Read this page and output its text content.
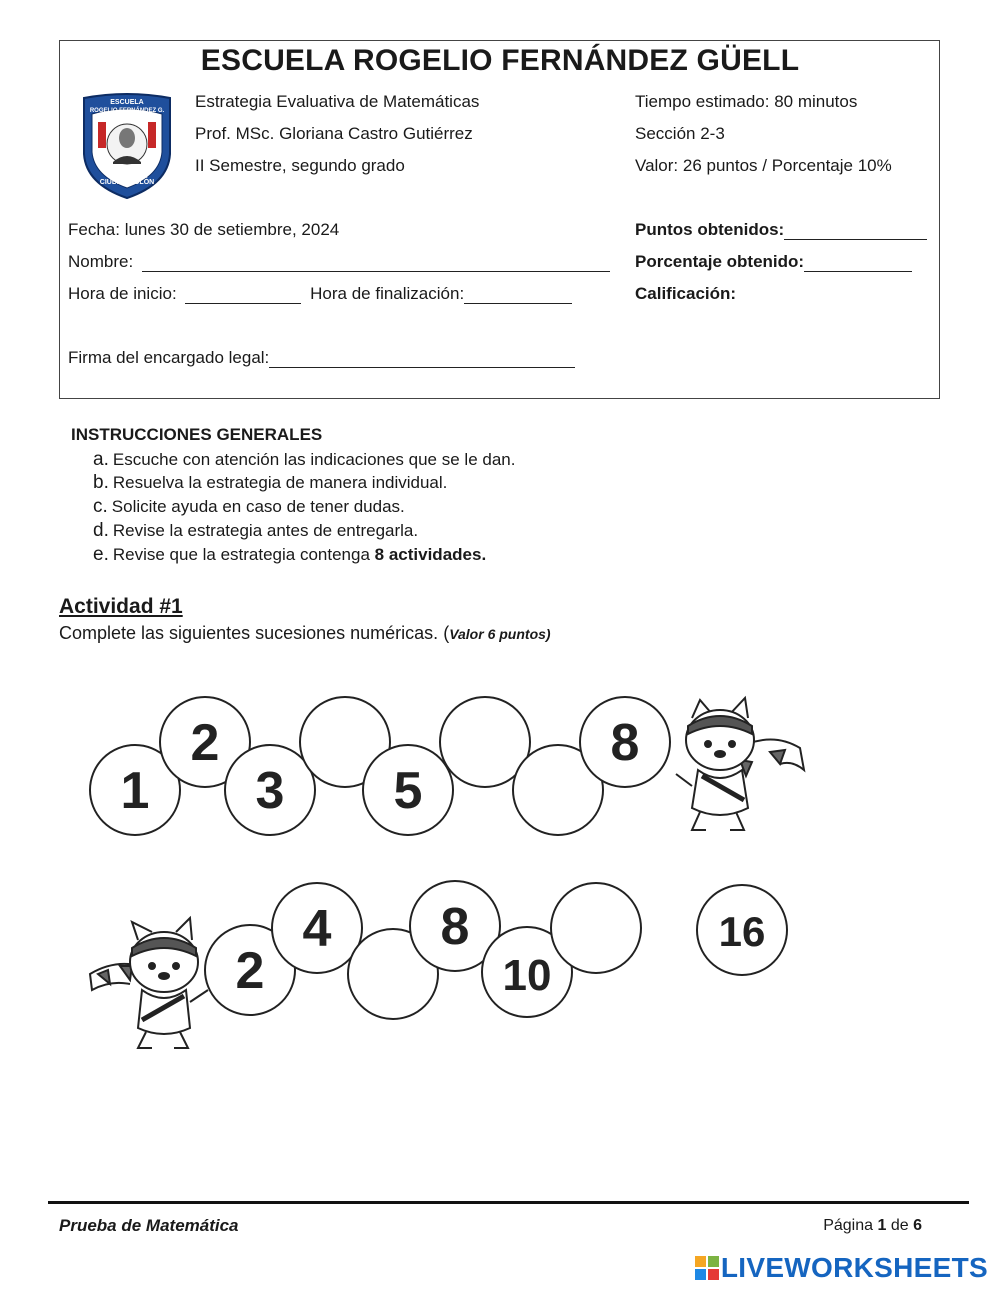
ESCUELA ROGELIO FERNÁNDEZ GÜELL
ESCUELA
ROGELIO FERNÁNDEZ G.
CIUDAD COLÓN
Estrategia Evaluativa de Matemáticas
Prof. MSc. Gloriana Castro Gutiérrez
II Semestre, segundo grado
Tiempo estimado: 80 minutos
Sección 2-3
Valor: 26 puntos / Porcentaje 10%
Fecha: lunes 30 de setiembre, 2024
Nombre:
Hora de inicio:	Hora de finalización:
Firma del encargado legal:
Puntos obtenidos:
Porcentaje obtenido:
Calificación:
INSTRUCCIONES GENERALES
a. Escuche con atención las indicaciones que se le dan.
b. Resuelva la estrategia de manera individual.
c. Solicite ayuda en caso de tener dudas.
d. Revise la estrategia antes de entregarla.
e. Revise que la estrategia contenga 8 actividades.
Actividad #1
Complete las siguientes sucesiones numéricas. (Valor 6 puntos)
1
2
3 5
8
2
4 8
10
16
Prueba de Matemática	Página 1 de 6
LIVEWORKSHEETS
